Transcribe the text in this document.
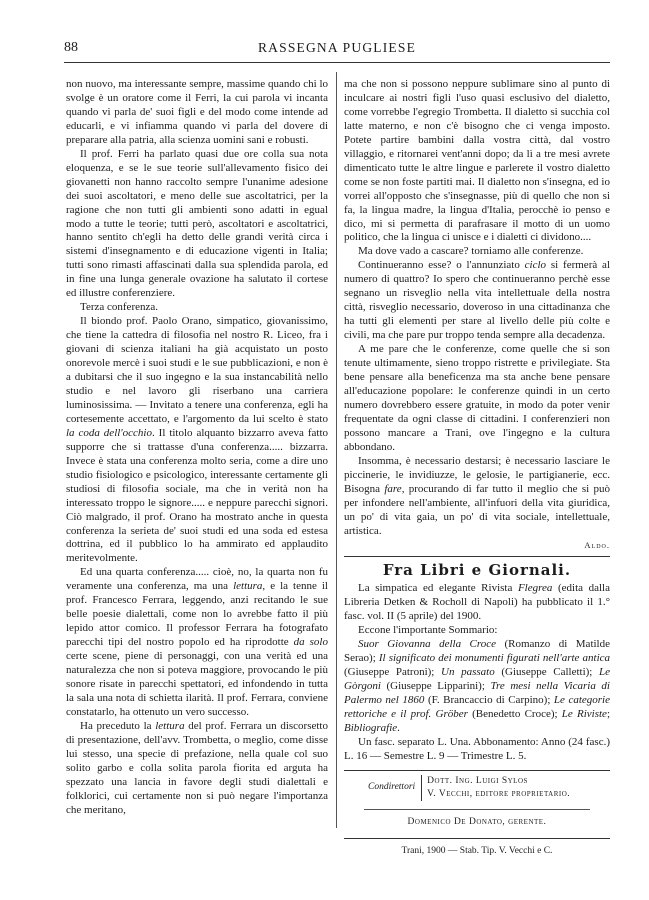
88	RASSEGNA PUGLIESE

non nuovo, ma interessante sempre, massime quando chi lo svolge è un oratore come il Ferri, la cui parola vi incanta quando vi parla de' suoi figli e del modo come intende ad educarli, e vi infiamma quando vi parla del dovere di preparare alla patria, alla scienza uomini sani e robusti.

Il prof. Ferri ha parlato quasi due ore colla sua nota eloquenza, e se le sue teorie sull'allevamento fisico dei giovanetti non hanno raccolto sempre l'unanime adesione dei suoi ascoltatori, e meno delle sue ascoltatrici, per la ragione che non tutti gli ambienti sono adatti in egual modo a tutte le teorie; tutti però, ascoltatori e ascoltatrici, hanno sentito ch'egli ha detto delle grandi verità circa i sistemi d'insegnamento e di educazione vigenti in Italia; tutti sono rimasti affascinati dalla sua splendida parola, ed in fine una lunga generale ovazione ha salutato il cortese ed illustre conferenziere.

Terza conferenza.

Il biondo prof. Paolo Orano, simpatico, giovanissimo, che tiene la cattedra di filosofia nel nostro R. Liceo, fra i giovani di scienza italiani ha già acquistato un posto onorevole mercè i suoi studi e le sue pubblicazioni, e non è a dubitarsi che il suo ingegno e la sua instancabilità nello studio e nel lavoro gli riserbano una carriera luminosissima. — Invitato a tenere una conferenza, egli ha cortesemente accettato, e l'argomento da lui scelto è stato la coda dell'occhio. Il titolo alquanto bizzarro aveva fatto supporre che si trattasse d'una conferenza..... bizzarra. Invece è stata una conferenza molto seria, come a dire uno studio fisiologico e psicologico, interessante certamente gli studiosi di filosofia sociale, ma che in verità non ha interessato troppo le signore..... e neppure parecchi signori. Ciò malgrado, il prof. Orano ha mostrato anche in questa conferenza la serieta de' suoi studi ed una soda ed estesa dottrina, ed il pubblico lo ha ammirato ed applaudito meritevolmente.

Ed una quarta conferenza..... cioè, no, la quarta non fu veramente una conferenza, ma una lettura, e la tenne il prof. Francesco Ferrara, leggendo, anzi recitando le sue belle poesie dialettali, come non lo avrebbe fatto il più lepido attor comico. Il professor Ferrara ha fotografato parecchi tipi del nostro popolo ed ha riprodotte da solo certe scene, piene di personaggi, con una verità ed una naturalezza che non si poteva maggiore, provocando le più sonore risate in parecchi spettatori, ed infondendo in tutta la sala una nota di schietta ilarità. Il prof. Ferrara, conviene constatarlo, ha ottenuto un vero successo.

Ha preceduto la lettura del prof. Ferrara un discorsetto di presentazione, dell'avv. Trombetta, o meglio, come disse lui stesso, una specie di prefazione, nella quale col suo solito garbo e colla solita parola fiorita ed arguta ha spezzato una lancia in favore degli studi dialettali e folklorici, cui certamente non si può negare l'importanza che meritano,

ma che non si possono neppure sublimare sino al punto di inculcare ai nostri figli l'uso quasi esclusivo del dialetto, come vorrebbe l'egregio Trombetta. Il dialetto si succhia col latte materno, e non c'è bisogno che ci venga imposto. Potete partire bambini dalla vostra città, dal vostro villaggio, e ritornarei vent'anni dopo; da lì a tre mesi avrete dimenticato tutte le altre lingue e parlerete il vostro dialetto come se non foste partiti mai. Il dialetto non s'insegna, ed io vorrei all'opposto che s'insegnasse, più di quello che non si fa, la lingua madre, la lingua d'Italia, perocchè io penso e dico, mi si permetta di parafrasare il motto di un uomo politico, che la lingua ci unisce e i dialetti ci dividono....

Ma dove vado a cascare? torniamo alle conferenze.

Continueranno esse? o l'annunziato ciclo si fermerà al numero di quattro? Io spero che continueranno perchè esse segnano un risveglio nella vita intellettuale della nostra città, risveglio necessario, doveroso in una cittadinanza che ha tutti gli elementi per stare al livello delle più colte e civili, ma che pare pur troppo tenda sempre alla decadenza.

A me pare che le conferenze, come quelle che si son tenute ultimamente, sieno troppo ristrette e privilegiate. Sta bene pensare alla beneficenza ma sta anche bene pensare all'educazione popolare: le conferenze quindi in un certo numero dovrebbero essere gratuite, in modo da poter venir frequentate da ogni classe di cittadini. I conferenzieri non possono mancare a Trani, ove l'ingegno e la cultura abbondano.

Insomma, è necessario destarsi; è necessario lasciare le piccinerie, le invidiuzze, le gelosie, le partigianerie, ecc. Bisogna fare, procurando di far tutto il meglio che si può per infondere nell'ambiente, all'infuori della vita giuridica, un po' di vita gaia, un po' di vita sociale, intellettuale, artistica.

Aldo.

Fra Libri e Giornali.

La simpatica ed elegante Rivista Flegrea (edita dalla Libreria Detken & Rocholl di Napoli) ha pubblicato il 1.° fasc. vol. II (5 aprile) del 1900.

Eccone l'importante Sommario:

Suor Giovanna della Croce (Romanzo di Matilde Serao); Il significato dei monumenti figurati nell'arte antica (Giuseppe Patroni); Un passato (Giuseppe Calletti); Le Gòrgoni (Giuseppe Lipparini); Tre mesi nella Vicaria di Palermo nel 1860 (F. Brancaccio di Carpino); Le categorie rettoriche e il prof. Gröber (Benedetto Croce); Le Riviste; Bibliografie.

Un fasc. separato L. Una. Abbonamento: Anno (24 fasc.) L. 16 — Semestre L. 9 — Trimestre L. 5.

Condirettori
Dott. Ing. Luigi Sylos
V. Vecchi, editore proprietario.

Domenico De Donato, gerente.

Trani, 1900 — Stab. Tip. V. Vecchi e C.
